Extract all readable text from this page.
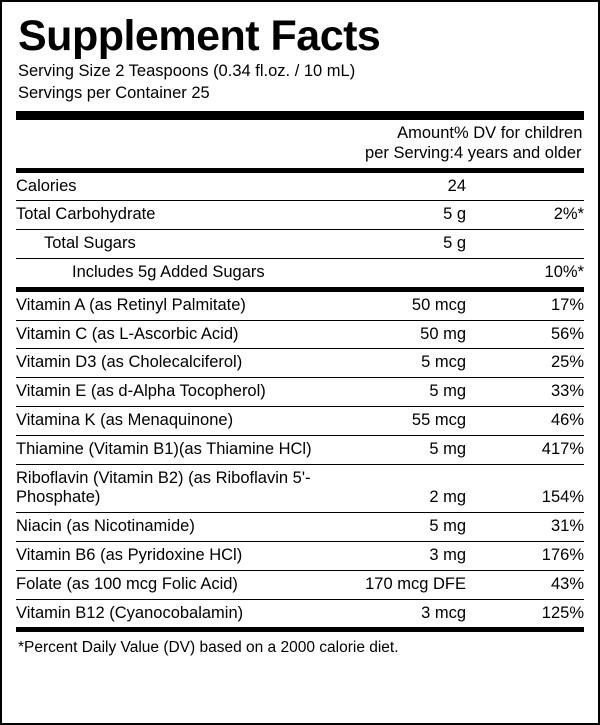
Supplement Facts
Serving Size 2 Teaspoons (0.34 fl.oz. / 10 mL)
Servings per Container 25

Amount
per Serving:

% DV for children
4 years and older
Calories	24	
Total Carbohydrate	5 g	2%*
Total Sugars	5 g	
Includes 5g Added Sugars		10%*
Vitamin A (as Retinyl Palmitate)	50 mcg	17%
Vitamin C (as L-Ascorbic Acid)	50 mg	56%
Vitamin D3 (as Cholecalciferol)	5 mcg	25%
Vitamin E (as d-Alpha Tocopherol)	5 mg	33%
Vitamina K (as Menaquinone)	55 mcg	46%
Thiamine (Vitamin B1)(as Thiamine HCl)	5 mg	417%
Riboflavin (Vitamin B2) (as Riboflavin 5'- Phosphate)	2 mg	154%
Niacin (as Nicotinamide)	5 mg	31%
Vitamin B6 (as Pyridoxine HCl)	3 mg	176%
Folate (as 100 mcg Folic Acid)	170 mcg DFE	43%
Vitamin B12 (Cyanocobalamin)	3 mcg	125%
*Percent Daily Value (DV) based on a 2000 calorie diet.
